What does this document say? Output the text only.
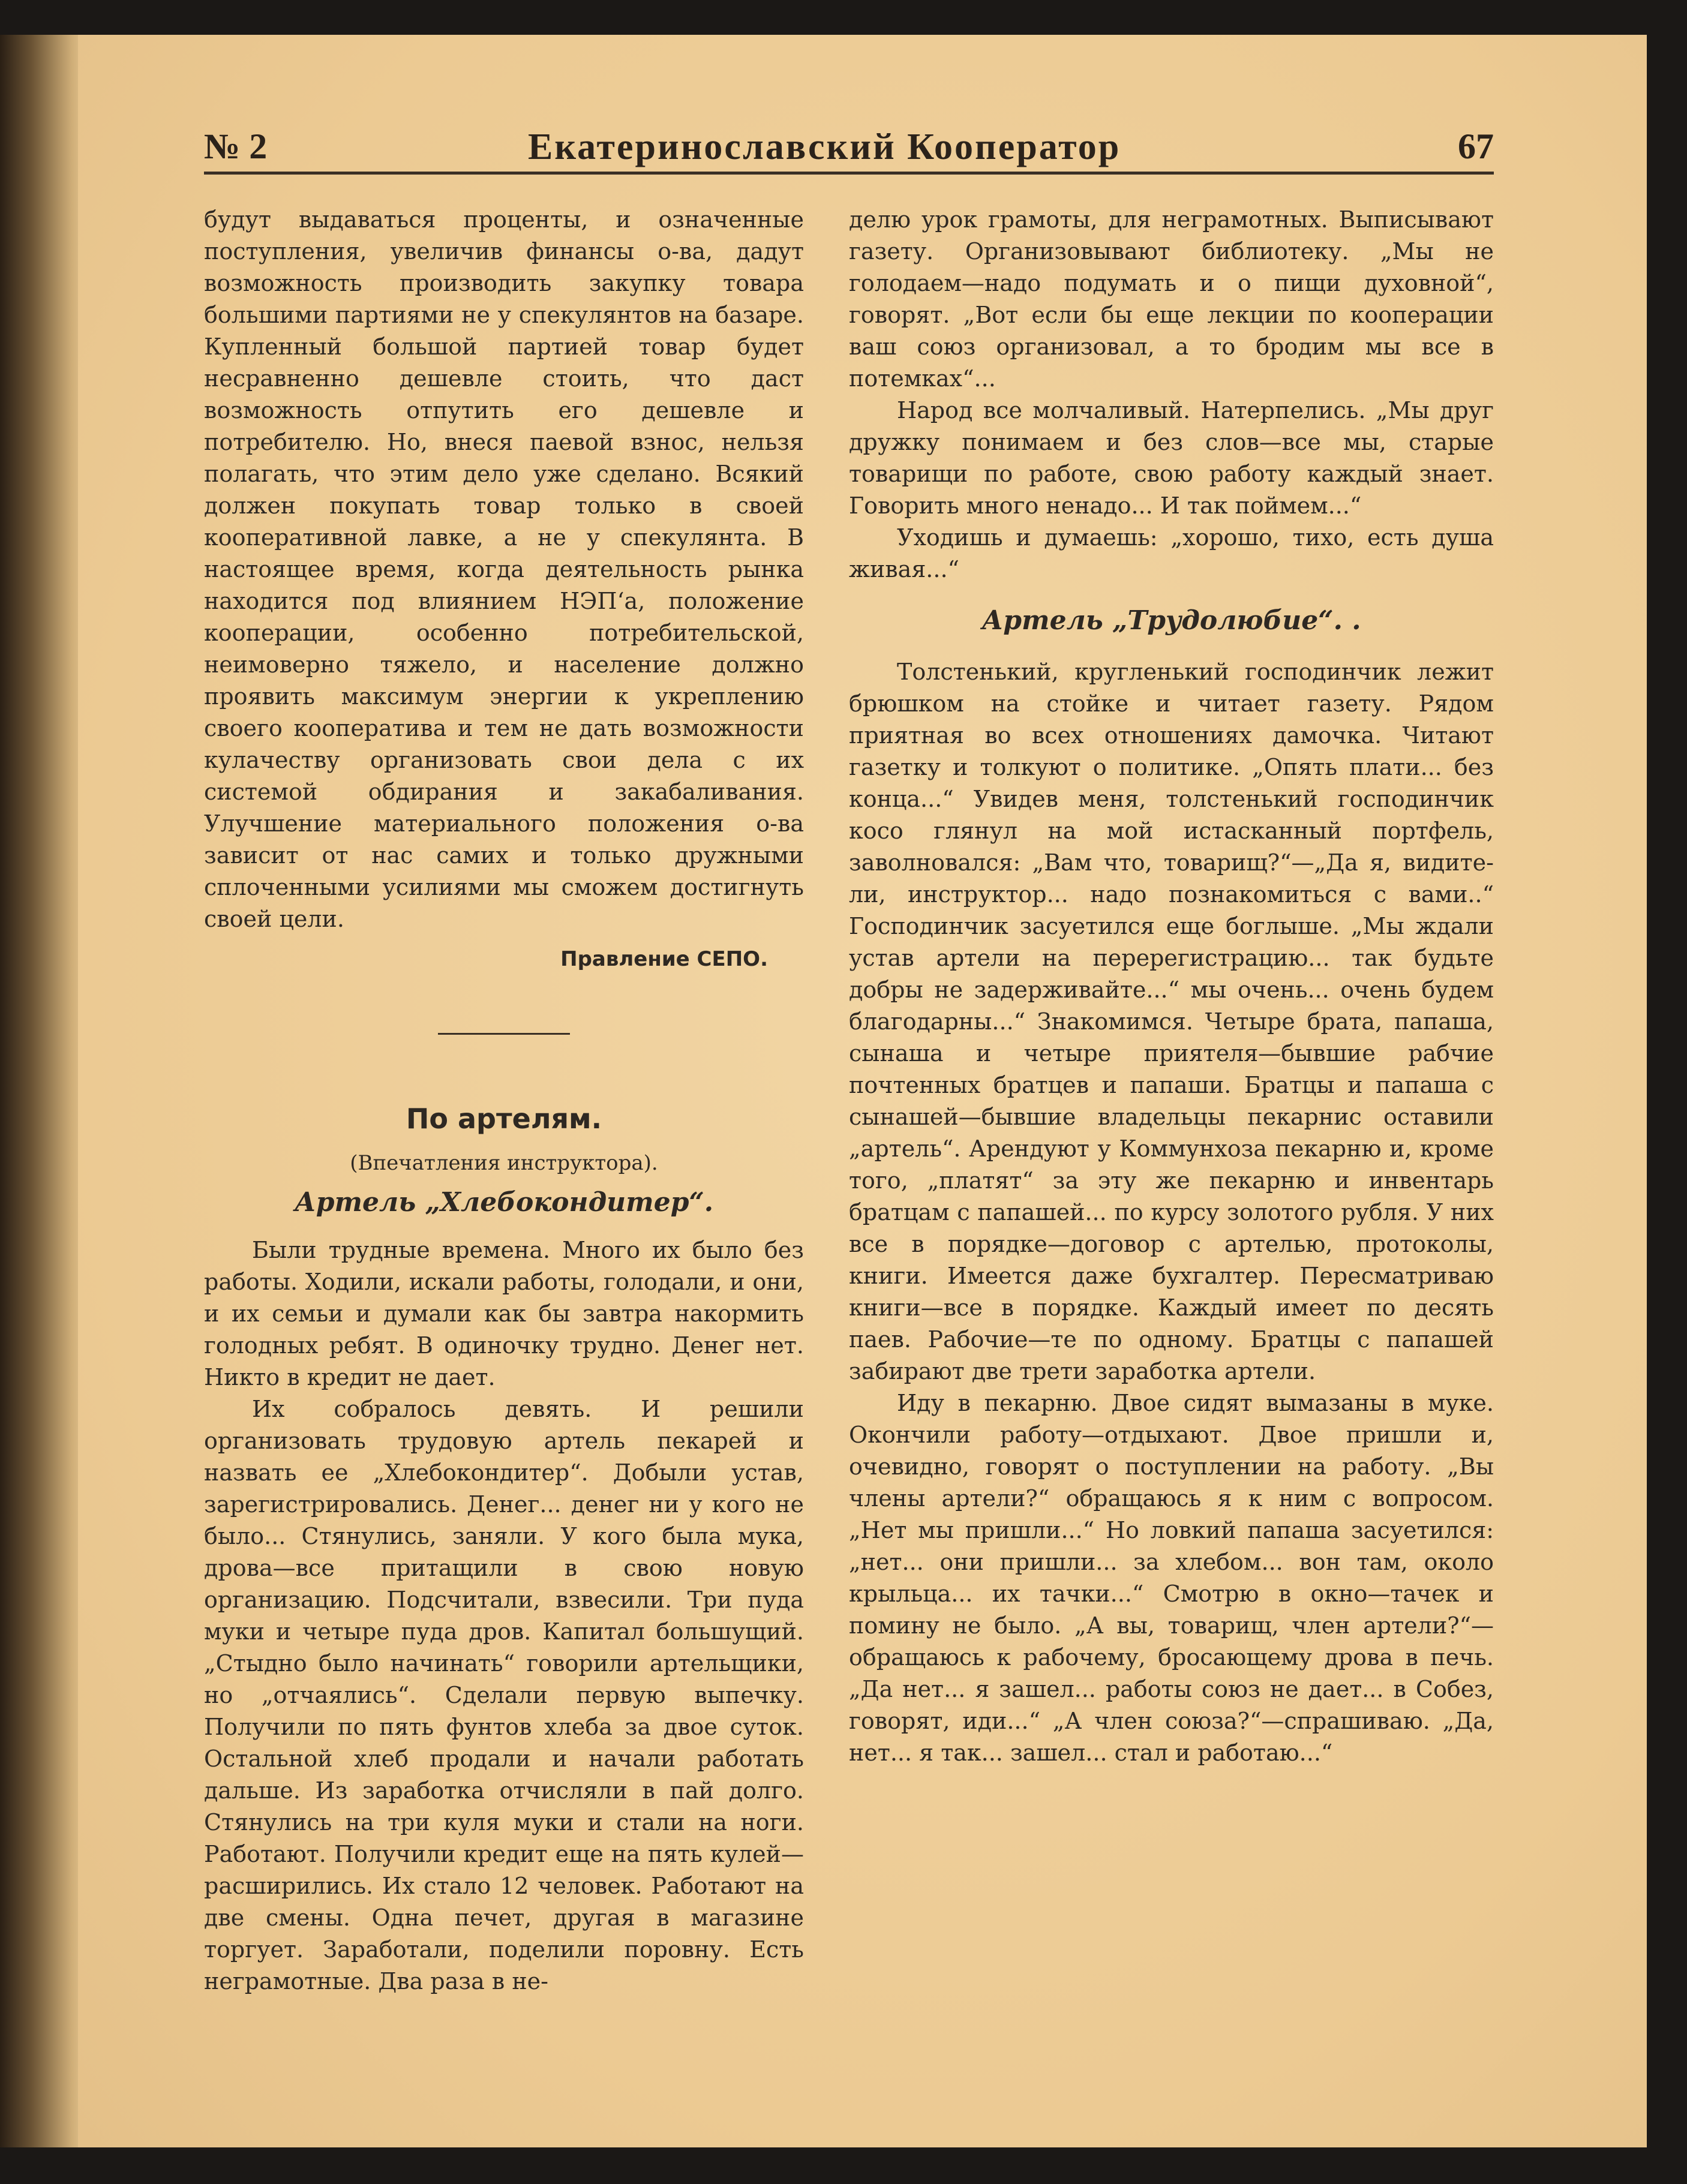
№ 2	Екатеринославский Кооператор	67

будут выдаваться проценты, и означенные поступления, увеличив финансы о-ва, дадут возможность производить закупку товара большими партиями не у спекулянтов на базаре. Купленный большой партией товар будет несравненно дешевле стоить, что даст возможность отпутить его дешевле и потребителю. Но, внеся паевой взнос, нельзя полагать, что этим дело уже сделано. Всякий должен покупать товар только в своей кооперативной лавке, а не у спекулянта. В настоящее время, когда деятельность рынка находится под влиянием НЭП‘а, положение кооперации, особенно потребительской, неимоверно тяжело, и население должно проявить максимум энергии к укреплению своего кооператива и тем не дать возможности кулачеству организовать свои дела с их системой обдирания и закабаливания. Улучшение материального положения о-ва зависит от нас самих и только дружными сплоченными усилиями мы сможем достигнуть своей цели.

Правление СЕПО.
По артелям.
(Впечатления инструктора).
Артель „Хлебокондитер“.

Были трудные времена. Много их было без работы. Ходили, искали работы, голодали, и они, и их семьи и думали как бы завтра накормить голодных ребят. В одиночку трудно. Денег нет. Никто в кредит не дает.

Их собралось девять. И решили организовать трудовую артель пекарей и назвать ее „Хлебокондитер“. Добыли устав, зарегистрировались. Денег... денег ни у кого не было... Стянулись, заняли. У кого была мука, дрова—все притащили в свою новую организацию. Подсчитали, взвесили. Три пуда муки и четыре пуда дров. Капитал большущий. „Стыдно было начинать“ говорили артельщики, но „отчаялись“. Сделали первую выпечку. Получили по пять фунтов хлеба за двое суток. Остальной хлеб продали и начали работать дальше. Из заработка отчисляли в пай долго. Стянулись на три куля муки и стали на ноги. Работают. Получили кредит еще на пять кулей—расширились. Их стало 12 человек. Работают на две смены. Одна печет, другая в магазине торгует. Заработали, поделили поровну. Есть неграмотные. Два раза в не-

делю урок грамоты, для неграмотных. Выписывают газету. Организовывают библиотеку. „Мы не голодаем—надо подумать и о пищи духовной“, говорят. „Вот если бы еще лекции по кооперации ваш союз организовал, а то бродим мы все в потемках“...

Народ все молчаливый. Натерпелись. „Мы друг дружку понимаем и без слов—все мы, старые товарищи по работе, свою работу каждый знает. Говорить много ненадо... И так поймем...“

Уходишь и думаешь: „хорошо, тихо, есть душа живая...“

Артель „Трудолюбие“. .

Толстенький, кругленький господинчик лежит брюшком на стойке и читает газету. Рядом приятная во всех отношениях дамочка. Читают газетку и толкуют о политике. „Опять плати... без конца...“ Увидев меня, толстенький господинчик косо глянул на мой истасканный портфель, заволновался: „Вам что, товарищ?“—„Да я, видите-ли, инструктор... надо познакомиться с вами..“ Господинчик засуетился еще боглыше. „Мы ждали устав артели на перерегистрацию... так будьте добры не задерживайте...“ мы очень... очень будем благодарны...“ Знакомимся. Четыре брата, папаша, сынаша и четыре приятеля—бывшие рабчие почтенных братцев и папаши. Братцы и папаша с сынашей—бывшие владельцы пекарнис оставили „артель“. Арендуют у Коммунхоза пекарню и, кроме того, „платят“ за эту же пекарню и инвентарь братцам с папашей... по курсу золотого рубля. У них все в порядке—договор с артелью, протоколы, книги. Имеется даже бухгалтер. Пересматриваю книги—все в порядке. Каждый имеет по десять паев. Рабочие—те по одному. Братцы с папашей забирают две трети заработка артели.

Иду в пекарню. Двое сидят вымазаны в муке. Окончили работу—отдыхают. Двое пришли и, очевидно, говорят о поступлении на работу. „Вы члены артели?“ обращаюсь я к ним с вопросом. „Нет мы пришли...“ Но ловкий папаша засуетился: „нет... они пришли... за хлебом... вон там, около крыльца... их тачки...“ Смотрю в окно—тачек и помину не было. „А вы, товарищ, член артели?“—обращаюсь к рабочему, бросающему дрова в печь. „Да нет... я зашел... работы союз не дает... в Собез, говорят, иди...“ „А член союза?“—спрашиваю. „Да, нет... я так... зашел... стал и работаю...“
